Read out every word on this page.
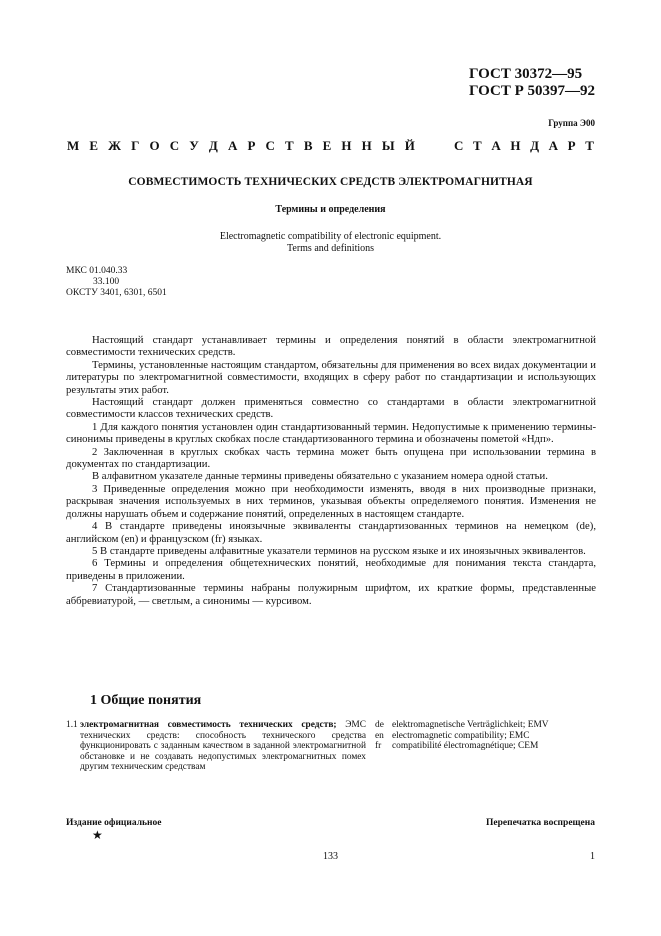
ГОСТ 30372—95
ГОСТ Р 50397—92
Группа Э00
М Е Ж Г О С У Д А Р С Т В Е Н Н Ы Й	С Т А Н Д А Р Т
СОВМЕСТИМОСТЬ ТЕХНИЧЕСКИХ СРЕДСТВ ЭЛЕКТРОМАГНИТНАЯ
Термины и определения
Electromagnetic compatibility of electronic equipment.
Terms and definitions
МКС 01.040.33
33.100
ОКСТУ 3401, 6301, 6501

Настоящий стандарт устанавливает термины и определения понятий в области электромагнитной совместимости технических средств.

Термины, установленные настоящим стандартом, обязательны для применения во всех видах документации и литературы по электромагнитной совместимости, входящих в сферу работ по стандартизации и использующих результаты этих работ.

Настоящий стандарт должен применяться совместно со стандартами в области электромагнитной совместимости классов технических средств.

1 Для каждого понятия установлен один стандартизованный термин. Недопустимые к применению термины-синонимы приведены в круглых скобках после стандартизованного термина и обозначены пометой «Ндп».

2 Заключенная в круглых скобках часть термина может быть опущена при использовании термина в документах по стандартизации.

В алфавитном указателе данные термины приведены обязательно с указанием номера одной статьи.

3 Приведенные определения можно при необходимости изменять, вводя в них производные признаки, раскрывая значения используемых в них терминов, указывая объекты определяемого понятия. Изменения не должны нарушать объем и содержание понятий, определенных в настоящем стандарте.

4 В стандарте приведены иноязычные эквиваленты стандартизованных терминов на немецком (de), английском (en) и французском (fr) языках.

5 В стандарте приведены алфавитные указатели терминов на русском языке и их иноязычных эквивалентов.

6 Термины и определения общетехнических понятий, необходимые для понимания текста стандарта, приведены в приложении.

7 Стандартизованные термины набраны полужирным шрифтом, их краткие формы, представленные аббревиатурой, — светлым, а синонимы — курсивом.

1 Общие понятия
1.1 электромагнитная совместимость технических средств; ЭМС технических средств: способность технического средства функционировать с заданным качеством в заданной электромагнитной обстановке и не создавать недопустимых электромагнитных помех другим техническим средствам
de elektromagnetische Verträglichkeit; EMV
en electromagnetic compatibility; EMC
fr	compatibilité électromagnétique; CEM
Издание официальное	Перепечатка воспрещена
★
133	1
